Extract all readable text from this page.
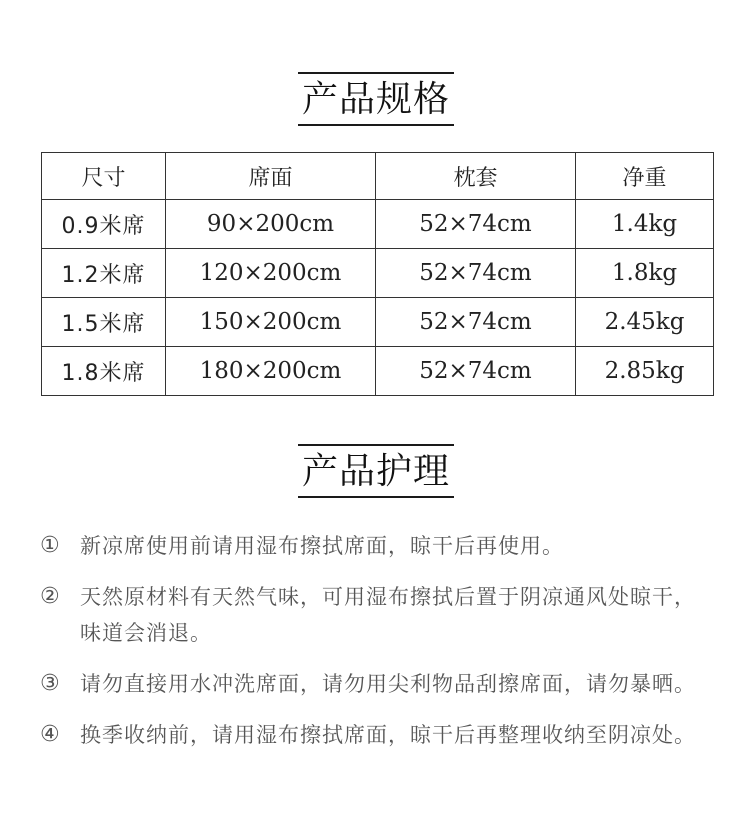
产品规格
尺寸	席面	枕套	净重
0.9米席	90×200cm	52×74cm	1.4kg
1.2米席	120×200cm	52×74cm	1.8kg
1.5米席	150×200cm	52×74cm	2.45kg
1.8米席	180×200cm	52×74cm	2.85kg
产品护理
① 新凉席使用前请用湿布擦拭席面，晾干后再使用。
② 天然原材料有天然气味，可用湿布擦拭后置于阴凉通风处晾干，味道会消退。
③ 请勿直接用水冲洗席面，请勿用尖利物品刮擦席面，请勿暴晒。
④ 换季收纳前，请用湿布擦拭席面，晾干后再整理收纳至阴凉处。
